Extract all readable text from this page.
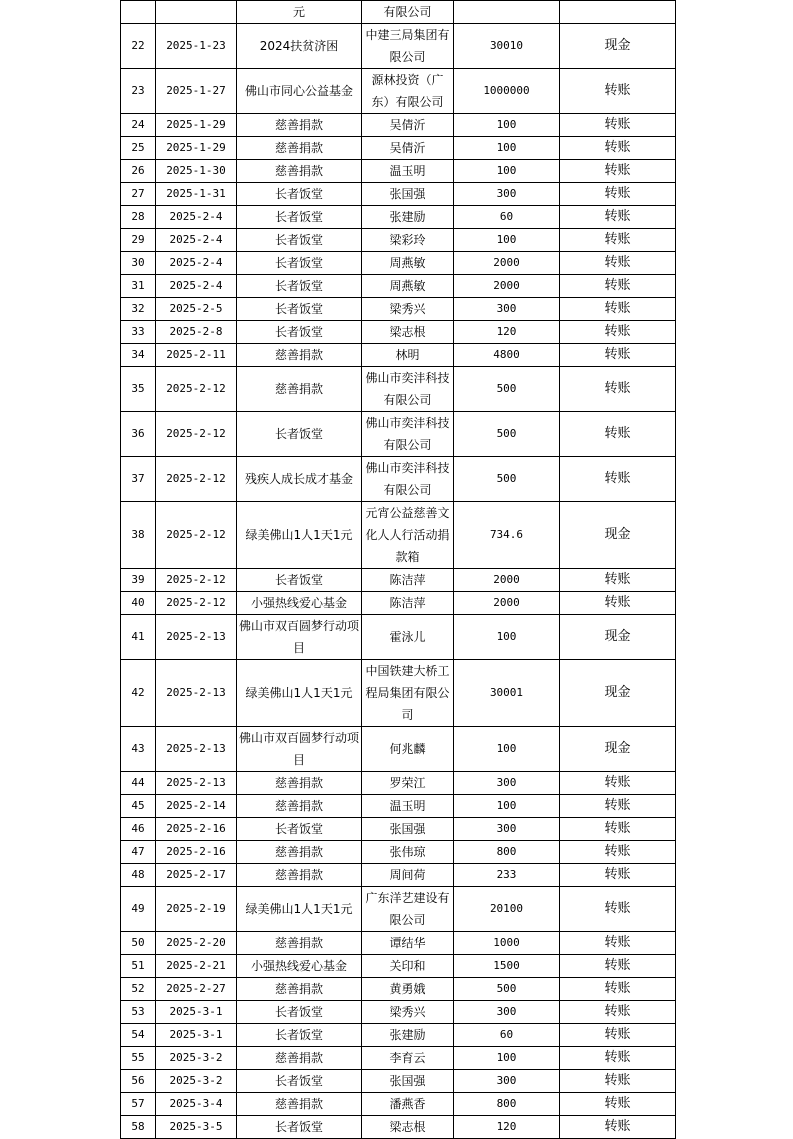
		元	有限公司		
22	2025-1-23	2024扶贫济困	中建三局集团有限公司	30010	现金
23	2025-1-27	佛山市同心公益基金	源林投资（广东）有限公司	1000000	转账
24	2025-1-29	慈善捐款	吴倩沂	100	转账
25	2025-1-29	慈善捐款	吴倩沂	100	转账
26	2025-1-30	慈善捐款	温玉明	100	转账
27	2025-1-31	长者饭堂	张国强	300	转账
28	2025-2-4	长者饭堂	张建励	60	转账
29	2025-2-4	长者饭堂	梁彩玲	100	转账
30	2025-2-4	长者饭堂	周燕敏	2000	转账
31	2025-2-4	长者饭堂	周燕敏	2000	转账
32	2025-2-5	长者饭堂	梁秀兴	300	转账
33	2025-2-8	长者饭堂	梁志根	120	转账
34	2025-2-11	慈善捐款	林明	4800	转账
35	2025-2-12	慈善捐款	佛山市奕沣科技有限公司	500	转账
36	2025-2-12	长者饭堂	佛山市奕沣科技有限公司	500	转账
37	2025-2-12	残疾人成长成才基金	佛山市奕沣科技有限公司	500	转账
38	2025-2-12	绿美佛山1人1天1元	元宵公益慈善文化人人行活动捐款箱	734.6	现金
39	2025-2-12	长者饭堂	陈洁萍	2000	转账
40	2025-2-12	小强热线爱心基金	陈洁萍	2000	转账
41	2025-2-13	佛山市双百圆梦行动项目	霍泳儿	100	现金
42	2025-2-13	绿美佛山1人1天1元	中国铁建大桥工程局集团有限公司	30001	现金
43	2025-2-13	佛山市双百圆梦行动项目	何兆麟	100	现金
44	2025-2-13	慈善捐款	罗荣江	300	转账
45	2025-2-14	慈善捐款	温玉明	100	转账
46	2025-2-16	长者饭堂	张国强	300	转账
47	2025-2-16	慈善捐款	张伟琼	800	转账
48	2025-2-17	慈善捐款	周间荷	233	转账
49	2025-2-19	绿美佛山1人1天1元	广东洋艺建设有限公司	20100	转账
50	2025-2-20	慈善捐款	谭结华	1000	转账
51	2025-2-21	小强热线爱心基金	关印和	1500	转账
52	2025-2-27	慈善捐款	黄勇娥	500	转账
53	2025-3-1	长者饭堂	梁秀兴	300	转账
54	2025-3-1	长者饭堂	张建励	60	转账
55	2025-3-2	慈善捐款	李育云	100	转账
56	2025-3-2	长者饭堂	张国强	300	转账
57	2025-3-4	慈善捐款	潘燕香	800	转账
58	2025-3-5	长者饭堂	梁志根	120	转账
